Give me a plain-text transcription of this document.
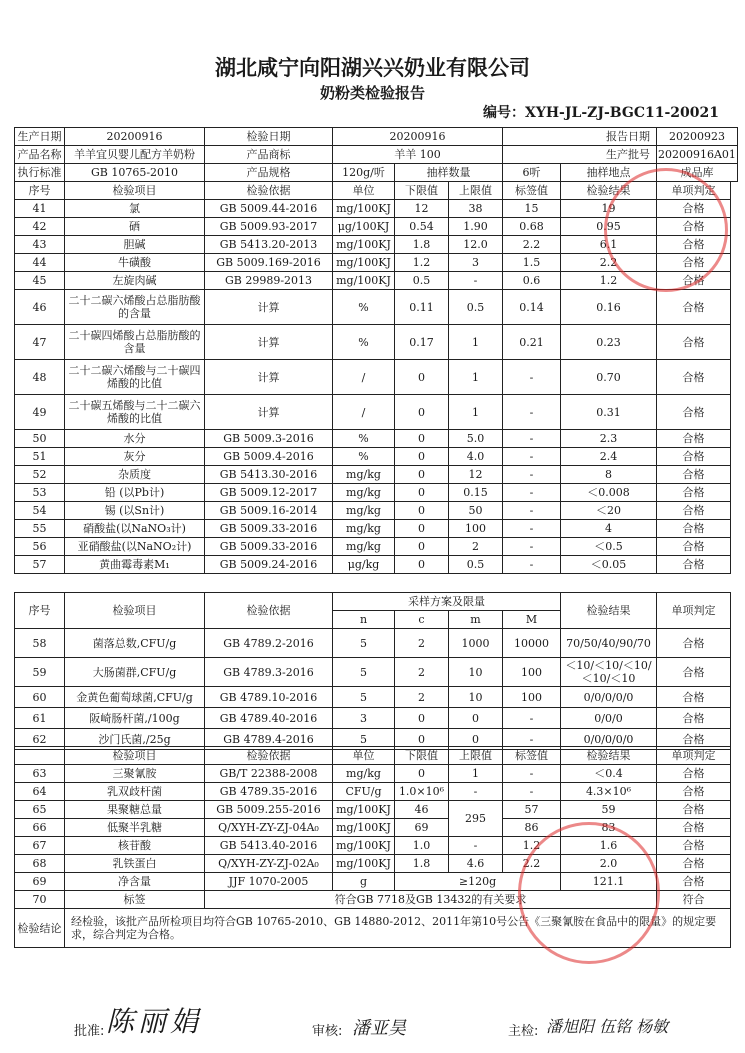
湖北咸宁向阳湖兴兴奶业有限公司
奶粉类检验报告
编号：XYH-JL-ZJ-BGC11-20021
生产日期	20200916	检验日期	20200916		报告日期		20200923
产品名称	羊羊宜贝婴儿配方羊奶粉	产品商标	羊羊 100		生产批号		20200916A01
执行标准	GB 10765-2010	产品规格	120g/听	抽样数量	6听	抽样地点	成品库
序号	检验项目	检验依据	单位	下限值	上限值	标签值	检验结果	单项判定
41	氯	GB 5009.44-2016	mg/100KJ	12	38	15	19	合格
42	硒	GB 5009.93-2017	μg/100KJ	0.54	1.90	0.68	0.95	合格
43	胆碱	GB 5413.20-2013	mg/100KJ	1.8	12.0	2.2	6.1	合格
44	牛磺酸	GB 5009.169-2016	mg/100KJ	1.2	3	1.5	2.2	合格
45	左旋肉碱	GB 29989-2013	mg/100KJ	0.5	-	0.6	1.2	合格
46	二十二碳六烯酸占总脂肪酸的含量	计算	%	0.11	0.5	0.14	0.16	合格
47	二十碳四烯酸占总脂肪酸的含量	计算	%	0.17	1	0.21	0.23	合格
48	二十二碳六烯酸与二十碳四烯酸的比值	计算	/	0	1	-	0.70	合格
49	二十碳五烯酸与二十二碳六烯酸的比值	计算	/	0	1	-	0.31	合格
50	水分	GB 5009.3-2016	%	0	5.0	-	2.3	合格
51	灰分	GB 5009.4-2016	%	0	4.0	-	2.4	合格
52	杂质度	GB 5413.30-2016	mg/kg	0	12	-	8	合格
53	铅 (以Pb计)	GB 5009.12-2017	mg/kg	0	0.15	-	＜0.008	合格
54	锡 (以Sn计)	GB 5009.16-2014	mg/kg	0	50	-	＜20	合格
55	硝酸盐(以NaNO₃计)	GB 5009.33-2016	mg/kg	0	100	-	4	合格
56	亚硝酸盐(以NaNO₂计)	GB 5009.33-2016	mg/kg	0	2	-	＜0.5	合格
57	黄曲霉毒素M₁	GB 5009.24-2016	μg/kg	0	0.5	-	＜0.05	合格
序号	检验项目	检验依据	采样方案及限量				检验结果	单项判定
			n	c	m	M		
58	菌落总数,CFU/g	GB 4789.2-2016	5	2	1000	10000	70/50/40/90/70	合格
59	大肠菌群,CFU/g	GB 4789.3-2016	5	2	10	100	＜10/＜10/＜10/＜10/＜10	合格
60	金黄色葡萄球菌,CFU/g	GB 4789.10-2016	5	2	10	100	0/0/0/0/0	合格
61	阪崎肠杆菌,/100g	GB 4789.40-2016	3	0	0	-	0/0/0	合格
62	沙门氏菌,/25g	GB 4789.4-2016	5	0	0	-	0/0/0/0/0	合格
	检验项目	检验依据	单位	下限值	上限值	标签值	检验结果	单项判定
63	三聚氰胺	GB/T 22388-2008	mg/kg	0	1	-	＜0.4	合格
64	乳双歧杆菌	GB 4789.35-2016	CFU/g	1.0×10⁶	-	-	4.3×10⁶	合格
65	果聚糖总量	GB 5009.255-2016	mg/100KJ	46	295	57	59	合格
66	低聚半乳糖	Q/XYH-ZY-ZJ-04A₀	mg/100KJ	69		86	83	合格
67	核苷酸	GB 5413.40-2016	mg/100KJ	1.0	-	1.2	1.6	合格
68	乳铁蛋白	Q/XYH-ZY-ZJ-02A₀	mg/100KJ	1.8	4.6	2.2	2.0	合格
69	净含量	JJF 1070-2005	g	≥120g			121.1	合格
70	标签	符合GB 7718及GB 13432的有关要求						符合
检验结论	经检验，该批产品所检项目均符合GB 10765-2010、GB 14880-2012、2011年第10号公告《三聚氰胺在食品中的限量》的规定要求，综合判定为合格。							
批准: 陈丽娟	审核: 潘亚昊	主检: 潘旭阳 伍铭 杨敏
